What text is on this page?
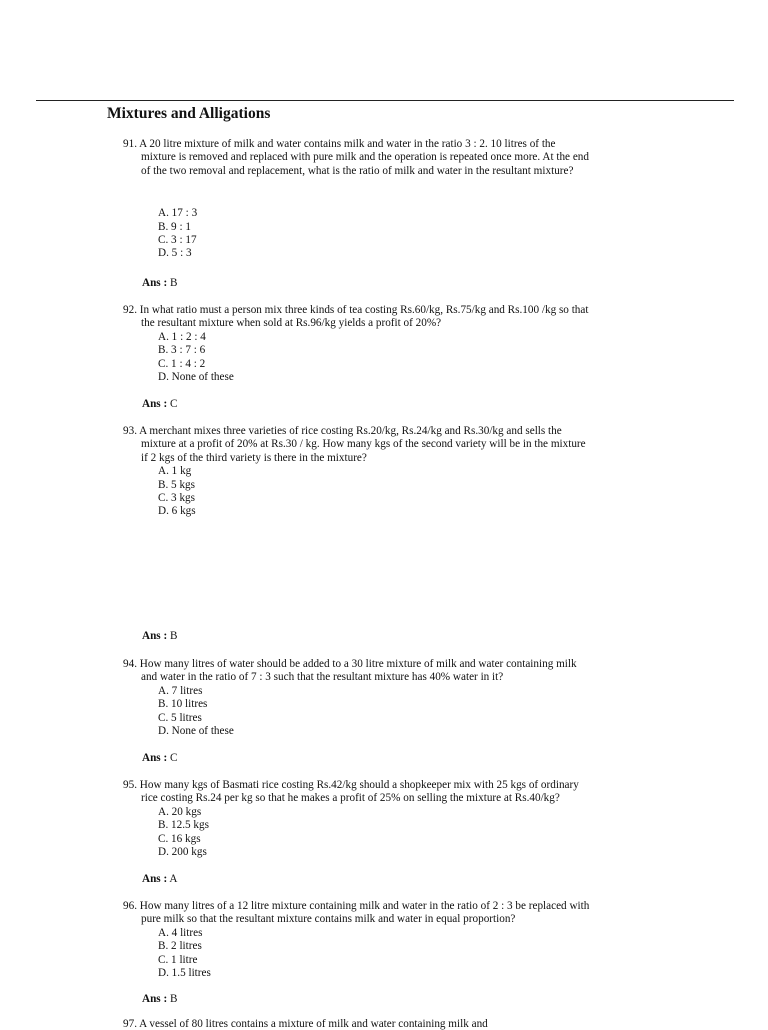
Mixtures and Alligations
91. A 20 litre mixture of milk and water contains milk and water in the ratio 3 : 2. 10 litres of the
mixture is removed and replaced with pure milk and the operation is repeated once more. At the end
of the two removal and replacement, what is the ratio of milk and water in the resultant mixture?
A. 17 : 3
B. 9 : 1
C. 3 : 17
D. 5 : 3
Ans : B
92. In what ratio must a person mix three kinds of tea costing Rs.60/kg, Rs.75/kg and Rs.100 /kg so that
the resultant mixture when sold at Rs.96/kg yields a profit of 20%?
A. 1 : 2 : 4
B. 3 : 7 : 6
C. 1 : 4 : 2
D. None of these
Ans : C
93. A merchant mixes three varieties of rice costing Rs.20/kg, Rs.24/kg and Rs.30/kg and sells the
mixture at a profit of 20% at Rs.30 / kg. How many kgs of the second variety will be in the mixture
if 2 kgs of the third variety is there in the mixture?
A. 1 kg
B. 5 kgs
C. 3 kgs
D. 6 kgs
Ans : B
94. How many litres of water should be added to a 30 litre mixture of milk and water containing milk
and water in the ratio of 7 : 3 such that the resultant mixture has 40% water in it?
A. 7 litres
B. 10 litres
C. 5 litres
D. None of these
Ans : C
95. How many kgs of Basmati rice costing Rs.42/kg should a shopkeeper mix with 25 kgs of ordinary
rice costing Rs.24 per kg so that he makes a profit of 25% on selling the mixture at Rs.40/kg?
A. 20 kgs
B. 12.5 kgs
C. 16 kgs
D. 200 kgs
Ans : A
96. How many litres of a 12 litre mixture containing milk and water in the ratio of 2 : 3 be replaced with
pure milk so that the resultant mixture contains milk and water in equal proportion?
A. 4 litres
B. 2 litres
C. 1 litre
D. 1.5 litres
Ans : B
97. A vessel of 80 litres contains a mixture of milk and water containing milk and
